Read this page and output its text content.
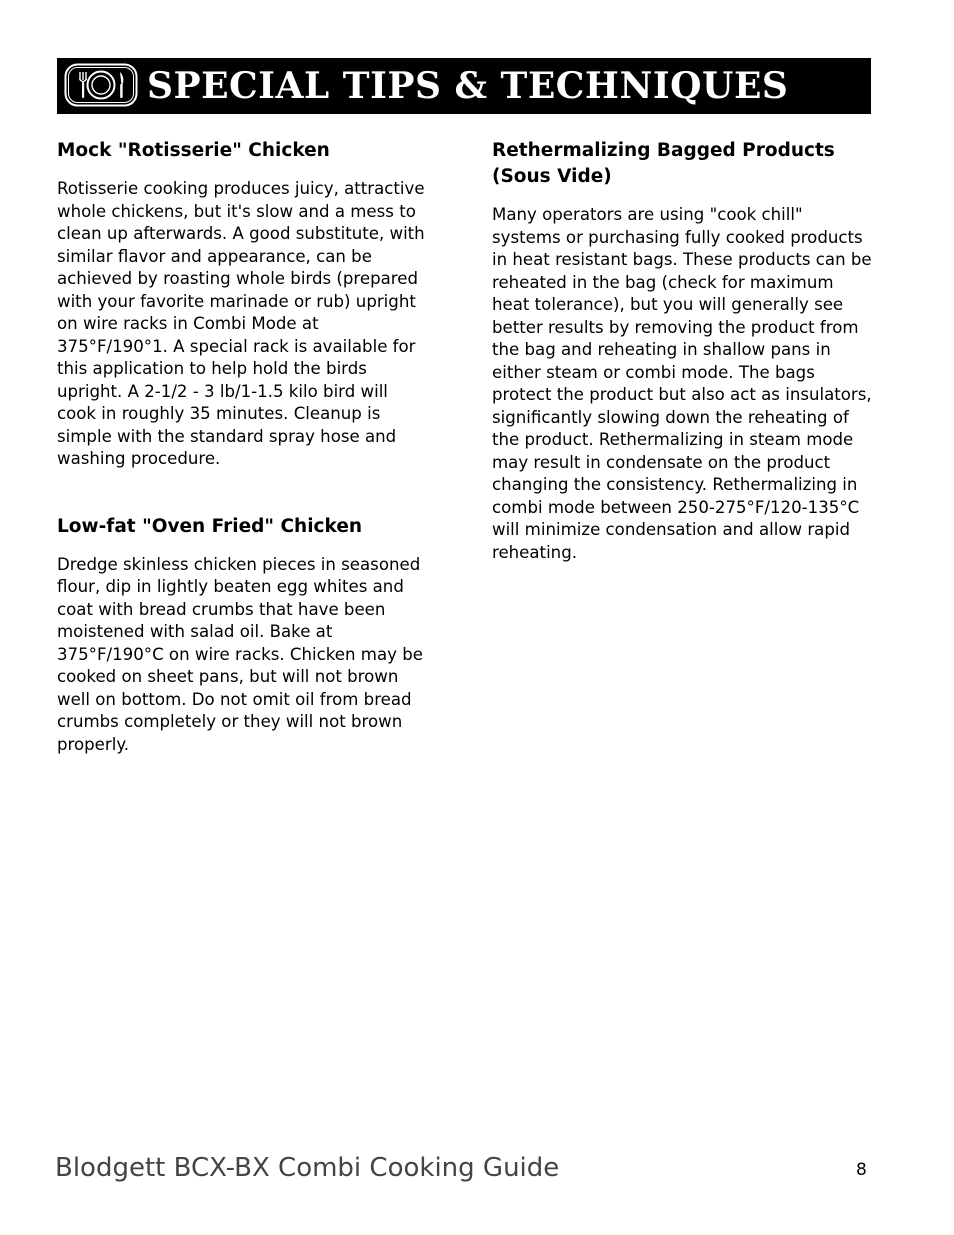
SPECIAL TIPS & TECHNIQUES
Mock "Rotisserie" Chicken

Rotisserie cooking produces juicy, attractive whole chickens, but it's slow and a mess to clean up afterwards. A good substitute, with similar flavor and appearance, can be achieved by roasting whole birds (prepared with your favorite marinade or rub) upright on wire racks in Combi Mode at 375°F/190°1. A special rack is available for this application to help hold the birds upright. A 2-1/2 - 3 lb/1-1.5 kilo bird will cook in roughly 35 minutes. Cleanup is simple with the standard spray hose and washing procedure.

Low-fat "Oven Fried" Chicken

Dredge skinless chicken pieces in seasoned flour, dip in lightly beaten egg whites and coat with bread crumbs that have been moistened with salad oil. Bake at 375°F/190°C on wire racks. Chicken may be cooked on sheet pans, but will not brown well on bottom. Do not omit oil from bread crumbs completely or they will not brown properly.

Rethermalizing Bagged Products (Sous Vide)

Many operators are using "cook chill" systems or purchasing fully cooked products in heat resistant bags. These products can be reheated in the bag (check for maximum heat tolerance), but you will generally see better results by removing the product from the bag and reheating in shallow pans in either steam or combi mode. The bags protect the product but also act as insulators, significantly slowing down the reheating of the product. Rethermalizing in steam mode may result in condensate on the product changing the consistency. Rethermalizing in combi mode between 250-275°F/120-135°C will minimize condensation and allow rapid reheating.

Blodgett BCX-BX Combi Cooking Guide	8
